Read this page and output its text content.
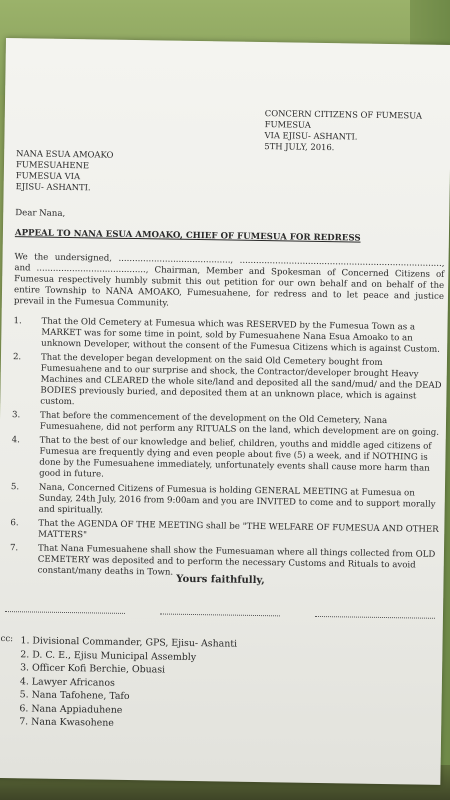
CONCERN CITIZENS OF FUMESUA
FUMESUA
VIA EJISU- ASHANTI.
5TH JULY, 2016.
NANA ESUA AMOAKO
FUMESUAHENE
FUMESUA VIA
EJISU- ASHANTI.
Dear Nana,
APPEAL TO NANA ESUA AMOAKO, CHIEF OF FUMESUA FOR REDRESS
We the undersigned, ........................................., .........................................................................., and ........................................, Chairman, Member and Spokesman of Concerned Citizens of Fumesua respectively humbly submit this out petition for our own behalf and on behalf of the entire Township to NANA AMOAKO, Fumesuahene, for redress and to let peace and justice prevail in the Fumesua Community.
1. That the Old Cemetery at Fumesua which was RESERVED by the Fumesua Town as a MARKET was for some time in point, sold by Fumesuahene Nana Esua Amoako to an unknown Developer, without the consent of the Fumesua Citizens which is against Custom.
2. That the developer began development on the said Old Cemetery bought from Fumesuahene and to our surprise and shock, the Contractor/developer brought Heavy Machines and CLEARED the whole site/land and deposited all the sand/mud/ and the DEAD BODIES previously buried, and deposited them at an unknown place, which is against custom.
3. That before the commencement of the development on the Old Cemetery, Nana Fumesuahene, did not perform any RITUALS on the land, which development are on going.
4. That to the best of our knowledge and belief, children, youths and middle aged citizens of Fumesua are frequently dying and even people about five (5) a week, and if NOTHING is done by the Fumesuahene immediately, unfortunately events shall cause more harm than good in future.
5. Nana, Concerned Citizens of Fumesua is holding GENERAL MEETING at Fumesua on Sunday, 24th July, 2016 from 9:00am and you are INVITED to come and to support morally and spiritually.
6. That the AGENDA OF THE MEETING shall be "THE WELFARE OF FUMESUA AND OTHER MATTERS"
7. That Nana Fumesuahene shall show the Fumesuaman where all things collected from OLD CEMETERY was deposited and to perform the necessary Customs and Rituals to avoid constant/many deaths in Town.
Yours faithfully,
cc: 1. Divisional Commander, GPS, Ejisu- Ashanti
2. D. C. E., Ejisu Municipal Assembly
3. Officer Kofi Berchie, Obuasi
4. Lawyer Africanos
5. Nana Tafohene, Tafo
6. Nana Appiaduhene
7. Nana Kwasohene
